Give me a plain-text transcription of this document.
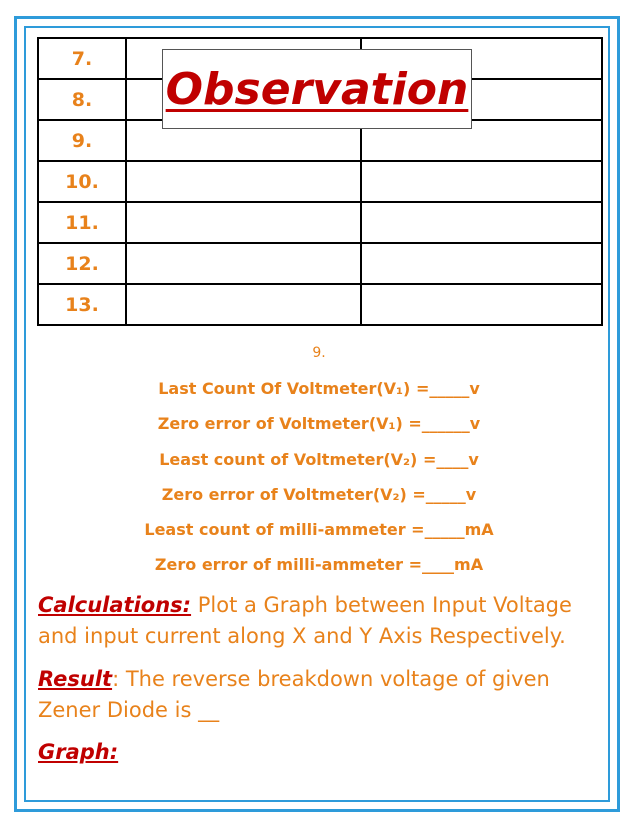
7.		
8.		
9.		
10.		
11.		
12.		
13.		
Observation
9.
Last Count Of Voltmeter(V₁) =_____v
Zero error of Voltmeter(V₁) =______v
Least count of Voltmeter(V₂) =____v
Zero error of Voltmeter(V₂) =_____v
Least count of milli-ammeter =_____mA
Zero error of milli-ammeter =____mA
Calculations: Plot a Graph between Input Voltage and input current along X and Y Axis Respectively.
Result: The reverse breakdown voltage of given Zener Diode is __
Graph:
